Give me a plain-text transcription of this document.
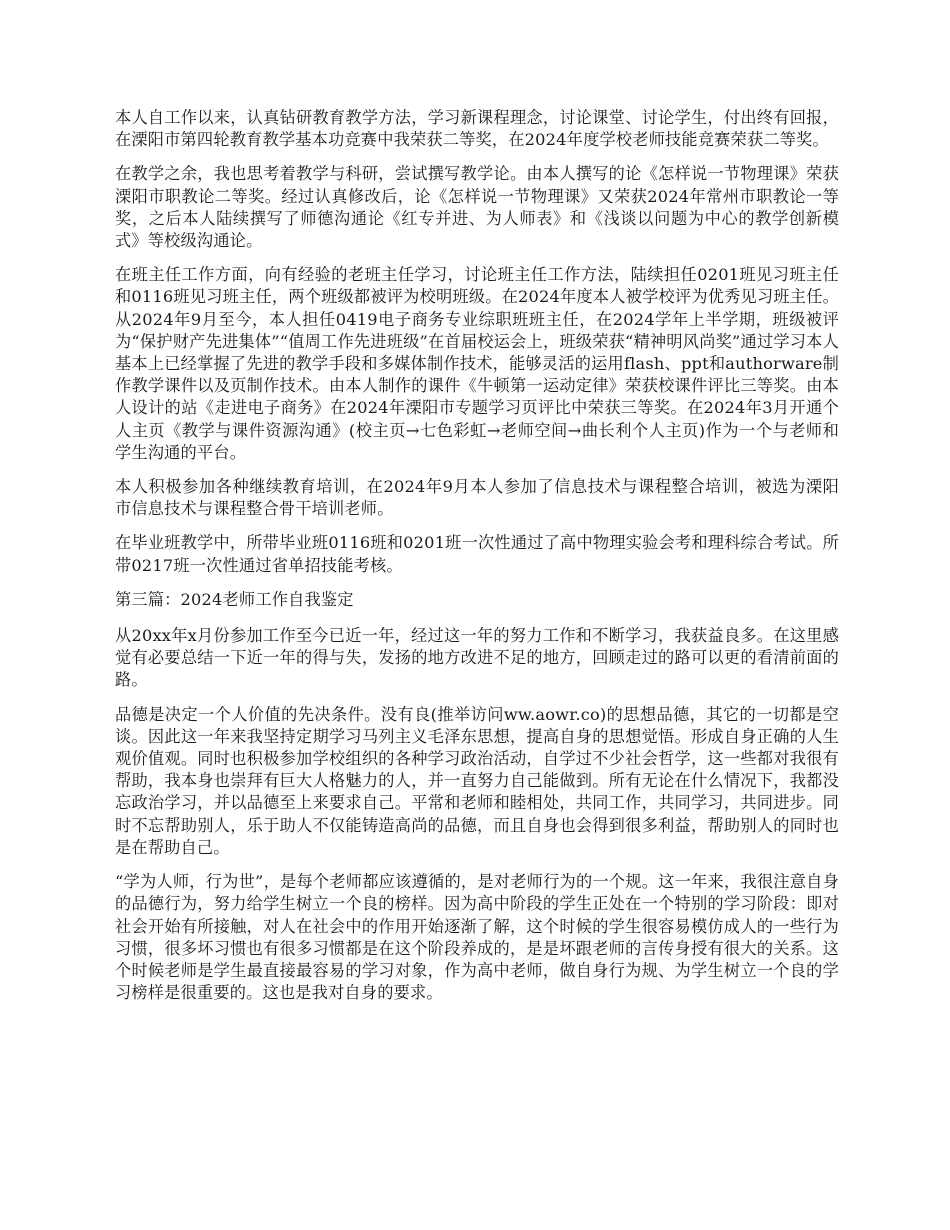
本人自工作以来，认真钻研教育教学方法，学习新课程理念，讨论课堂、讨论学生，付出终有回报，在溧阳市第四轮教育教学基本功竞赛中我荣获二等奖，在2024年度学校老师技能竞赛荣获二等奖。

在教学之余，我也思考着教学与科研，尝试撰写教学论。由本人撰写的论《怎样说一节物理课》荣获溧阳市职教论二等奖。经过认真修改后，论《怎样说一节物理课》又荣获2024年常州市职教论一等奖，之后本人陆续撰写了师德沟通论《红专并进、为人师表》和《浅谈以问题为中心的教学创新模式》等校级沟通论。

在班主任工作方面，向有经验的老班主任学习，讨论班主任工作方法，陆续担任0201班见习班主任和0116班见习班主任，两个班级都被评为校明班级。在2024年度本人被学校评为优秀见习班主任。从2024年9月至今，本人担任0419电子商务专业综职班班主任，在2024学年上半学期，班级被评为“保护财产先进集体”“值周工作先进班级”在首届校运会上，班级荣获“精神明风尚奖”通过学习本人基本上已经掌握了先进的教学手段和多媒体制作技术，能够灵活的运用flash、ppt和authorware制作教学课件以及页制作技术。由本人制作的课件《牛顿第一运动定律》荣获校课件评比三等奖。由本人设计的站《走进电子商务》在2024年溧阳市专题学习页评比中荣获三等奖。在2024年3月开通个人主页《教学与课件资源沟通》(校主页→七色彩虹→老师空间→曲长利个人主页)作为一个与老师和学生沟通的平台。

本人积极参加各种继续教育培训，在2024年9月本人参加了信息技术与课程整合培训，被选为溧阳市信息技术与课程整合骨干培训老师。

在毕业班教学中，所带毕业班0116班和0201班一次性通过了高中物理实验会考和理科综合考试。所带0217班一次性通过省单招技能考核。

第三篇：2024老师工作自我鉴定

从20xx年x月份参加工作至今已近一年，经过这一年的努力工作和不断学习，我获益良多。在这里感觉有必要总结一下近一年的得与失，发扬的地方改进不足的地方，回顾走过的路可以更的看清前面的路。

品德是决定一个人价值的先决条件。没有良(推举访问ww.aowr.co)的思想品德，其它的一切都是空谈。因此这一年来我坚持定期学习马列主义毛泽东思想，提高自身的思想觉悟。形成自身正确的人生观价值观。同时也积极参加学校组织的各种学习政治活动，自学过不少社会哲学，这一些都对我很有帮助，我本身也崇拜有巨大人格魅力的人，并一直努力自己能做到。所有无论在什么情况下，我都没忘政治学习，并以品德至上来要求自己。平常和老师和睦相处，共同工作，共同学习，共同进步。同时不忘帮助别人，乐于助人不仅能铸造高尚的品德，而且自身也会得到很多利益，帮助别人的同时也是在帮助自己。

“学为人师，行为世”，是每个老师都应该遵循的，是对老师行为的一个规。这一年来，我很注意自身的品德行为，努力给学生树立一个良的榜样。因为高中阶段的学生正处在一个特别的学习阶段：即对社会开始有所接触，对人在社会中的作用开始逐渐了解，这个时候的学生很容易模仿成人的一些行为习惯，很多坏习惯也有很多习惯都是在这个阶段养成的，是是坏跟老师的言传身授有很大的关系。这个时候老师是学生最直接最容易的学习对象，作为高中老师，做自身行为规、为学生树立一个良的学习榜样是很重要的。这也是我对自身的要求。
